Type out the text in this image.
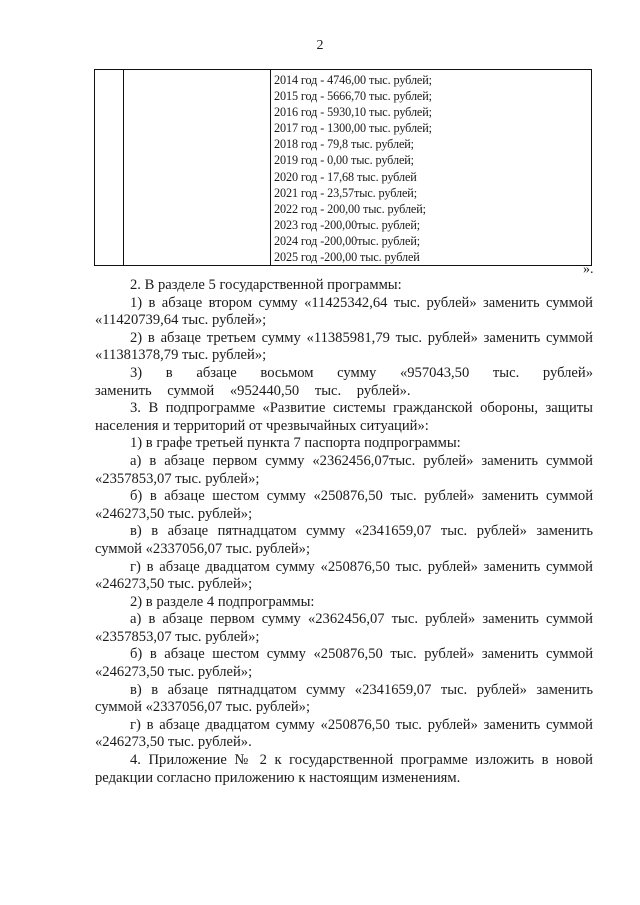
2

2014 год - 4746,00 тыс. рублей;
2015 год - 5666,70 тыс. рублей;
2016 год - 5930,10 тыс. рублей;
2017 год - 1300,00 тыс. рублей;
2018 год - 79,8 тыс. рублей;
2019 год - 0,00 тыс. рублей;
2020 год - 17,68 тыс. рублей
2021 год - 23,57тыс. рублей;
2022 год - 200,00 тыс. рублей;
2023 год -200,00тыс. рублей;
2024 год -200,00тыс. рублей;
2025 год -200,00 тыс. рублей
».

2. В разделе 5 государственной программы:

1) в абзаце втором сумму «11425342,64 тыс. рублей» заменить суммой «11420739,64 тыс. рублей»;

2) в абзаце третьем сумму «11385981,79 тыс. рублей» заменить суммой «11381378,79 тыс. рублей»;

3) в абзаце восьмом сумму «957043,50 тыс. рублей» заменить суммой «952440,50 тыс. рублей».

3. В подпрограмме «Развитие системы гражданской обороны, защиты населения и территорий от чрезвычайных ситуаций»:

1) в графе третьей пункта 7 паспорта подпрограммы:

а) в абзаце первом сумму «2362456,07тыс. рублей» заменить суммой «2357853,07 тыс. рублей»;

б) в абзаце шестом сумму «250876,50 тыс. рублей» заменить суммой «246273,50 тыс. рублей»;

в) в абзаце пятнадцатом сумму «2341659,07 тыс. рублей» заменить суммой «2337056,07 тыс. рублей»;

г) в абзаце двадцатом сумму «250876,50 тыс. рублей» заменить суммой «246273,50 тыс. рублей»;

2) в разделе 4 подпрограммы:

а) в абзаце первом сумму «2362456,07 тыс. рублей» заменить суммой «2357853,07 тыс. рублей»;

б) в абзаце шестом сумму «250876,50 тыс. рублей» заменить суммой «246273,50 тыс. рублей»;

в) в абзаце пятнадцатом сумму «2341659,07 тыс. рублей» заменить суммой «2337056,07 тыс. рублей»;

г) в абзаце двадцатом сумму «250876,50 тыс. рублей» заменить суммой «246273,50 тыс. рублей».

4. Приложение № 2 к государственной программе изложить в новой редакции согласно приложению к настоящим изменениям.
